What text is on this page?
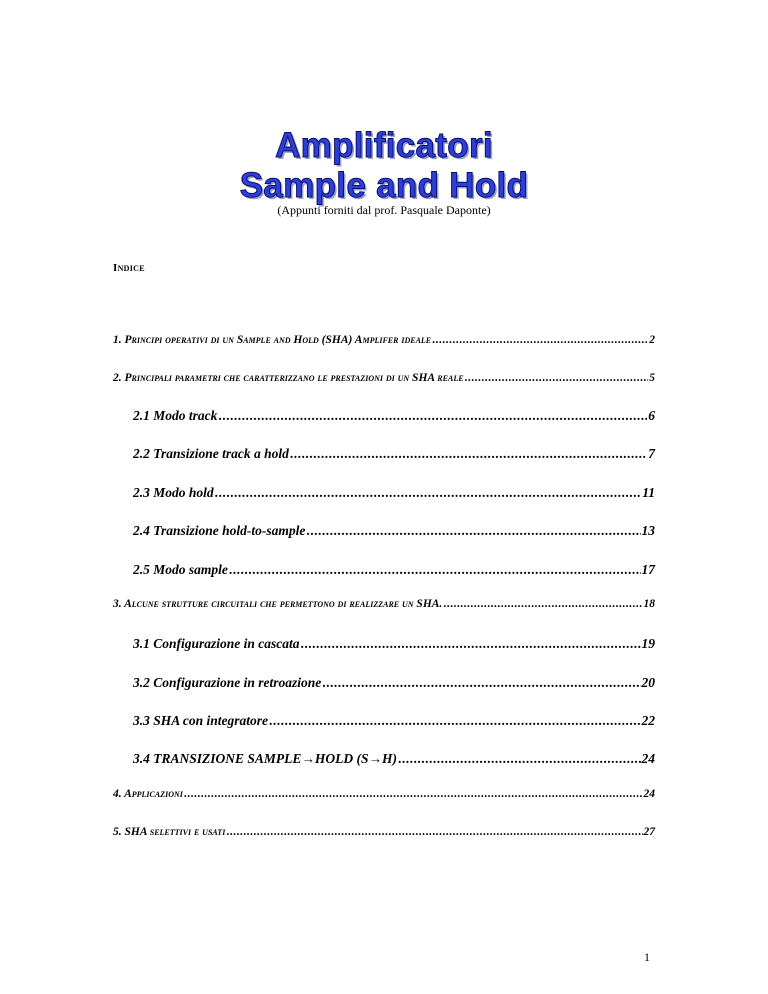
Amplificatori
Sample and Hold
(Appunti forniti dal prof. Pasquale Daponte)
Indice
1. Principi operativi di un Sample and Hold (SHA) Amplifer ideale .....	2
2. Principali parametri che caratterizzano le prestazioni di un SHA reale .....	5
2.1 Modo track .....	6
2.2 Transizione track a hold .....	7
2.3 Modo hold .....	11
2.4 Transizione hold-to-sample .....	13
2.5 Modo sample .....	17
3. Alcune strutture circuitali che permettono di realizzare un SHA. .....	18
3.1 Configurazione in cascata .....	19
3.2 Configurazione in retroazione .....	20
3.3 SHA con integratore .....	22
3.4 TRANSIZIONE SAMPLE→HOLD (S→H) .....	24
4. Applicazioni .....	24
5. SHA selettivi e usati .....	27
1
